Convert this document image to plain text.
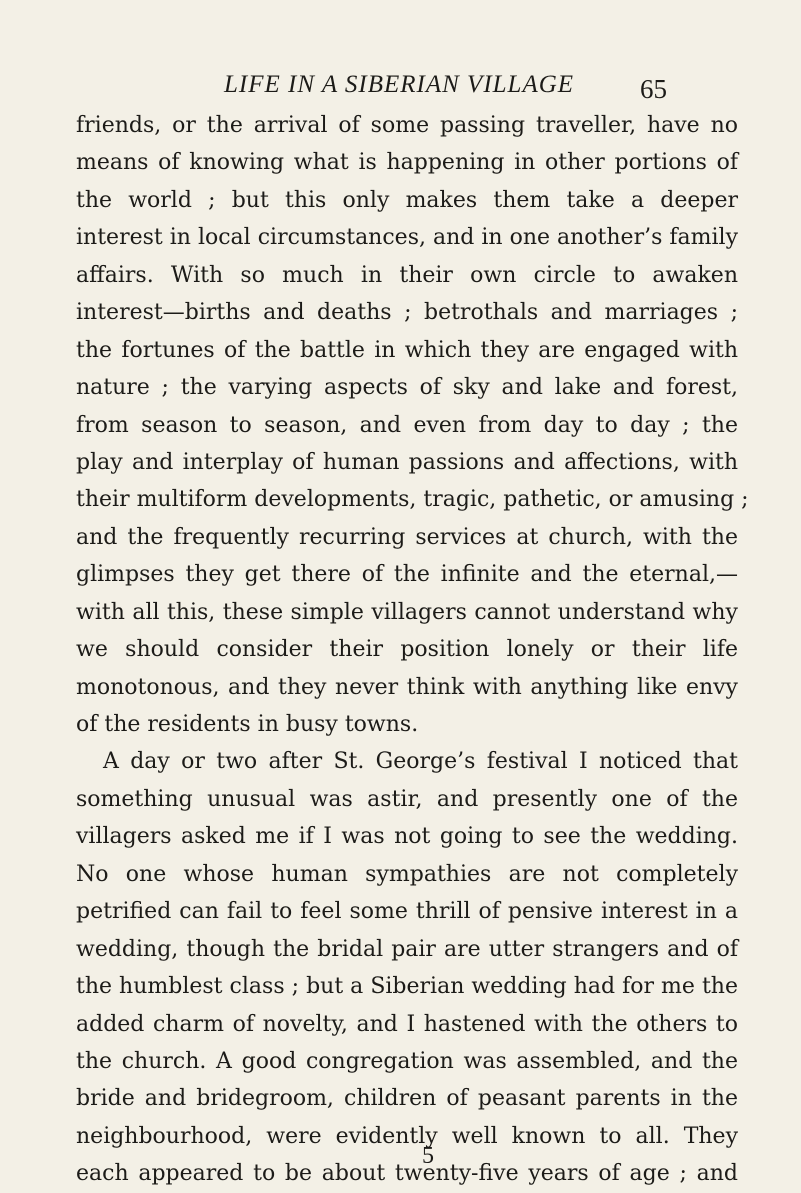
LIFE IN A SIBERIAN VILLAGE 65
friends, or the arrival of some passing traveller, have no
means of knowing what is happening in other portions of
the world ; but this only makes them take a deeper
interest in local circumstances, and in one another’s family
affairs. With so much in their own circle to awaken
interest—births and deaths ; betrothals and marriages ;
the fortunes of the battle in which they are engaged with
nature ; the varying aspects of sky and lake and forest,
from season to season, and even from day to day ; the
play and interplay of human passions and affections, with
their multiform developments, tragic, pathetic, or amusing ;
and the frequently recurring services at church, with the
glimpses they get there of the infinite and the eternal,—
with all this, these simple villagers cannot understand why
we should consider their position lonely or their life
monotonous, and they never think with anything like envy
of the residents in busy towns.
A day or two after St. George’s festival I noticed that
something unusual was astir, and presently one of the
villagers asked me if I was not going to see the wedding.
No one whose human sympathies are not completely
petrified can fail to feel some thrill of pensive interest in a
wedding, though the bridal pair are utter strangers and of
the humblest class ; but a Siberian wedding had for me the
added charm of novelty, and I hastened with the others to
the church. A good congregation was assembled, and the
bride and bridegroom, children of peasant parents in the
neighbourhood, were evidently well known to all. They
each appeared to be about twenty-five years of age ; and
5
